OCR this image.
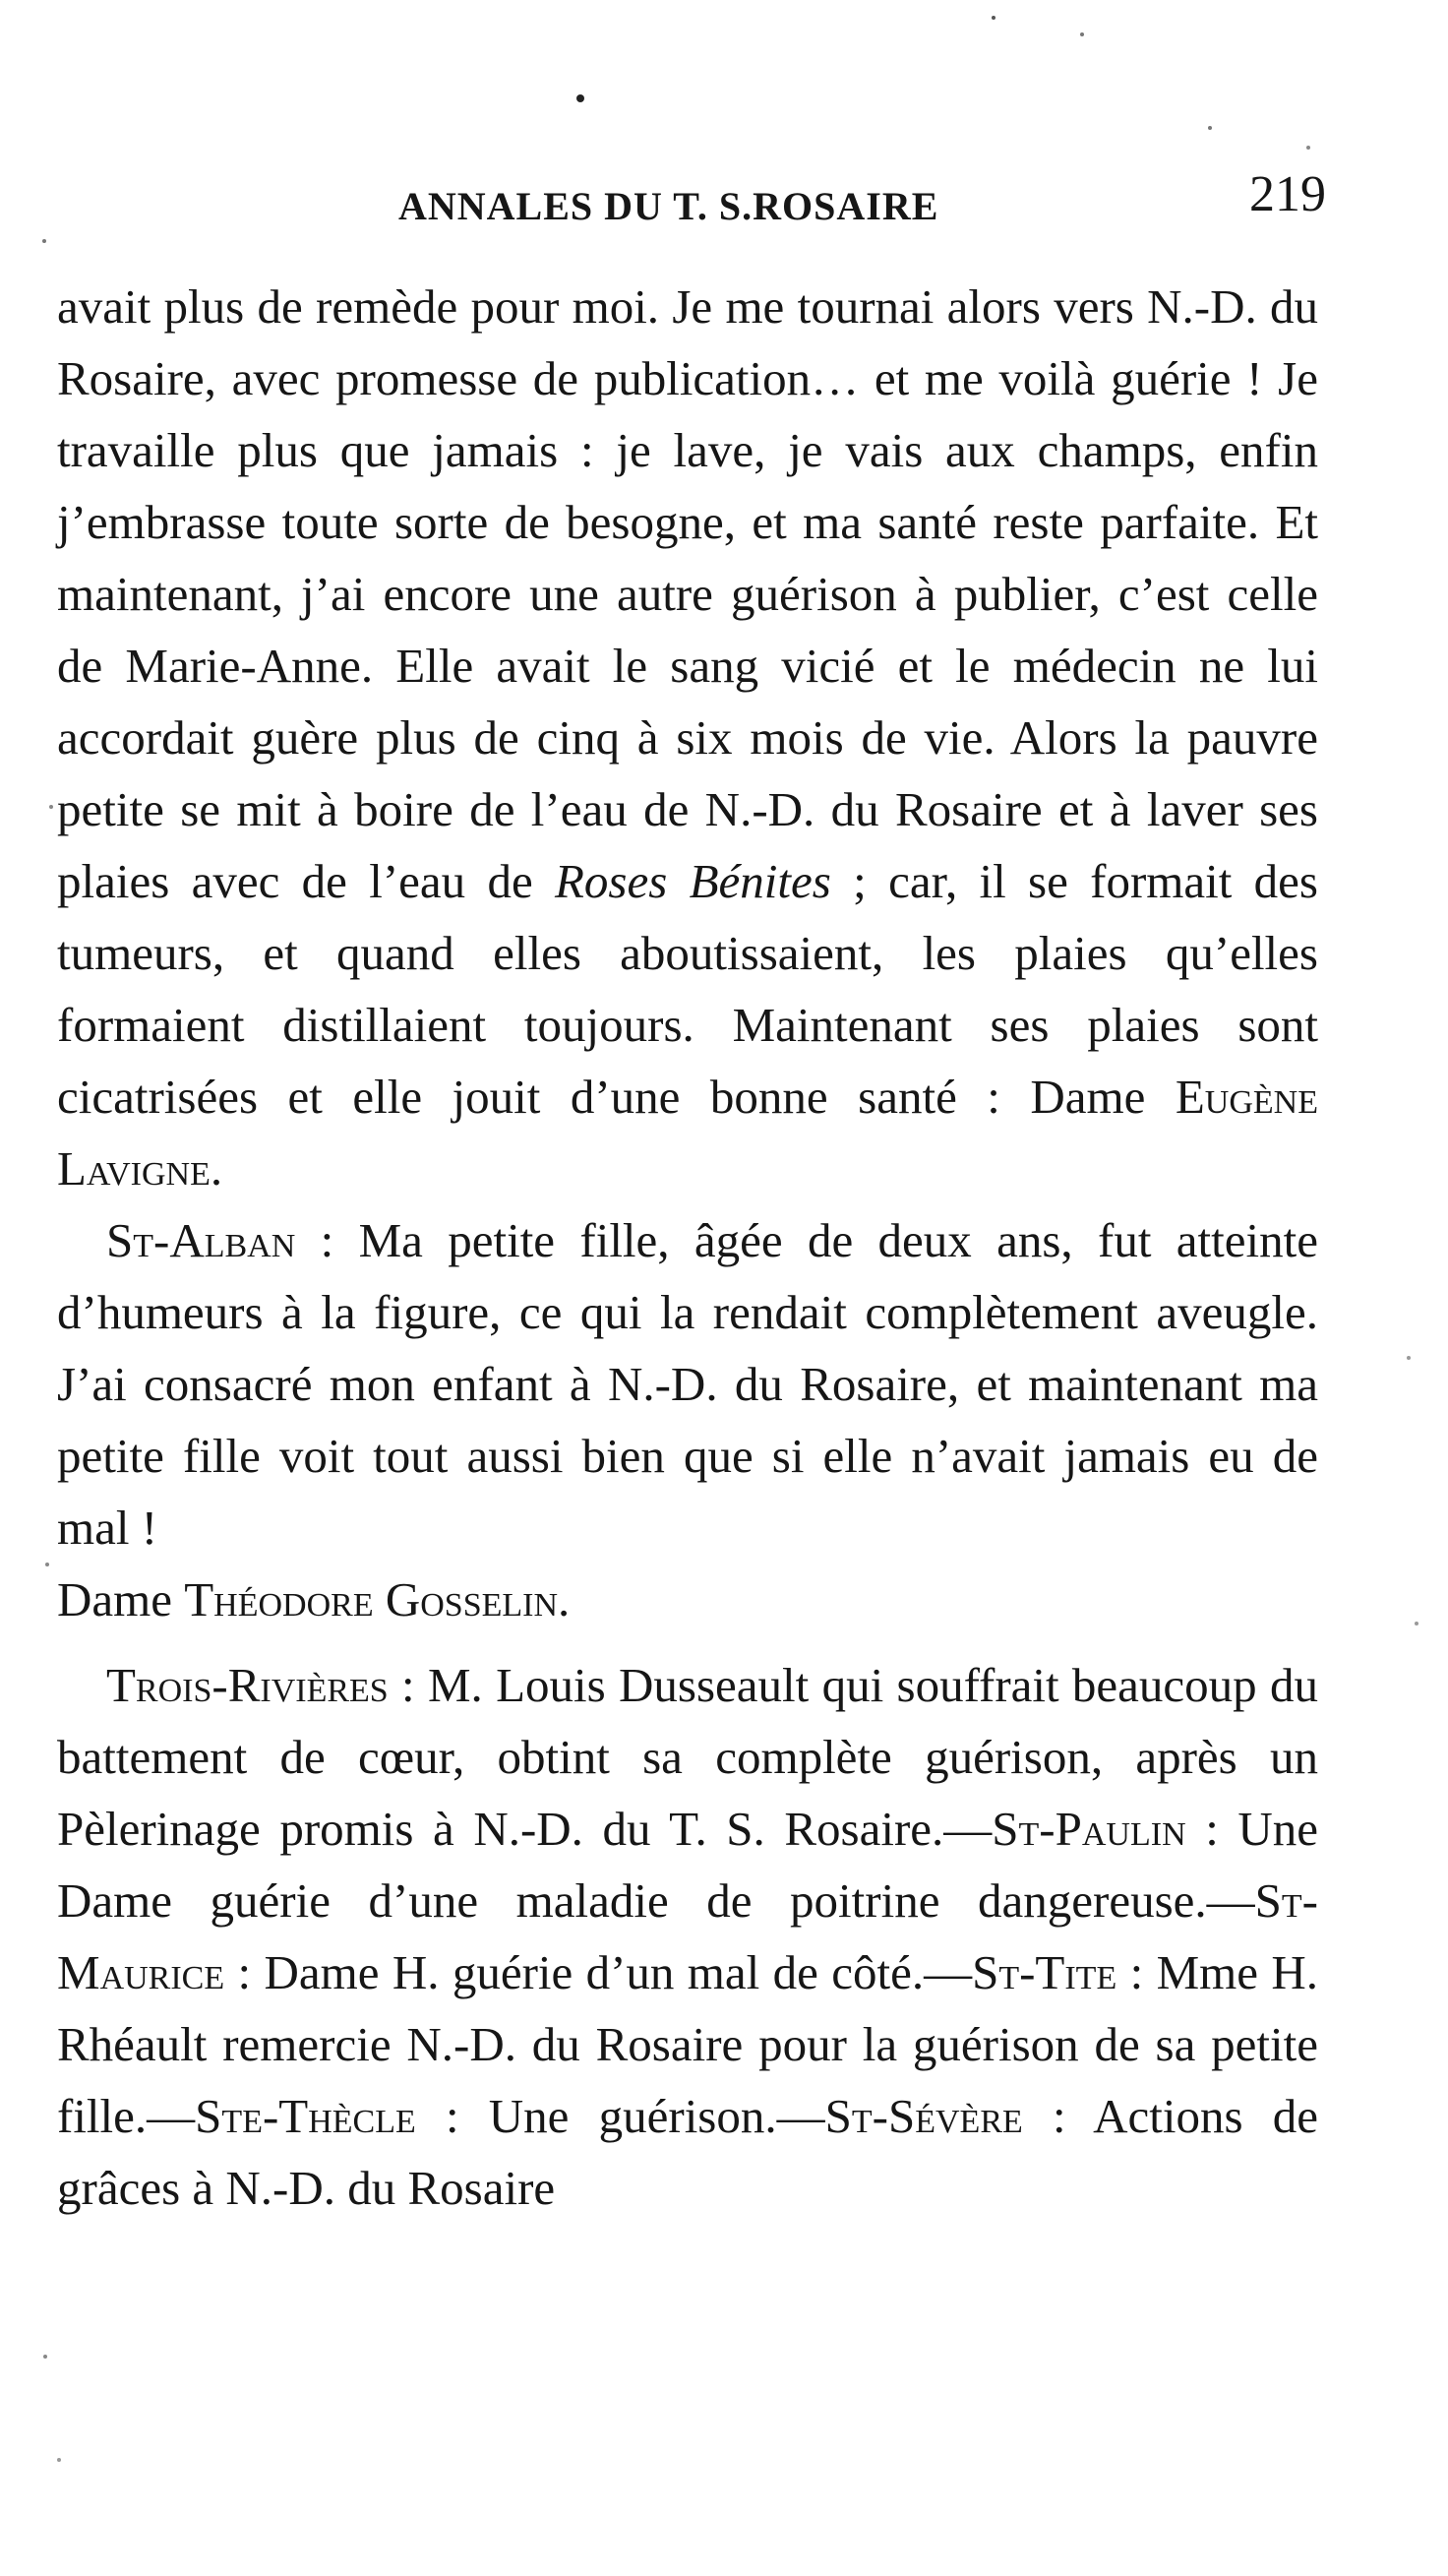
ANNALES DU T. S.ROSAIRE	219

avait plus de remède pour moi. Je me tournai alors vers N.-D. du Rosaire, avec promesse de publication… et me voilà guérie ! Je travaille plus que jamais : je lave, je vais aux champs, enfin j’embrasse toute sorte de besogne, et ma santé reste parfaite. Et maintenant, j’ai encore une autre guérison à publier, c’est celle de Marie-Anne. Elle avait le sang vicié et le médecin ne lui accordait guère plus de cinq à six mois de vie. Alors la pauvre petite se mit à boire de l’eau de N.-D. du Rosaire et à laver ses plaies avec de l’eau de Roses Bénites ; car, il se formait des tumeurs, et quand elles aboutissaient, les plaies qu’elles formaient distillaient toujours. Maintenant ses plaies sont cicatrisées et elle jouit d’une bonne santé : Dame Eugène Lavigne.

St-Alban : Ma petite fille, âgée de deux ans, fut atteinte d’humeurs à la figure, ce qui la rendait complètement aveugle. J’ai consacré mon enfant à N.-D. du Rosaire, et maintenant ma petite fille voit tout aussi bien que si elle n’avait jamais eu de mal !

Dame Théodore Gosselin.

Trois-Rivières : M. Louis Dusseault qui souffrait beaucoup du battement de cœur, obtint sa complète guérison, après un Pèlerinage promis à N.-D. du T. S. Rosaire.—St-Paulin : Une Dame guérie d’une maladie de poitrine dangereuse.—St-Maurice : Dame H. guérie d’un mal de côté.—St-Tite : Mme H. Rhéault remercie N.-D. du Rosaire pour la guérison de sa petite fille.—Ste-Thècle : Une guérison.—St-Sévère : Actions de grâces à N.-D. du Rosaire
